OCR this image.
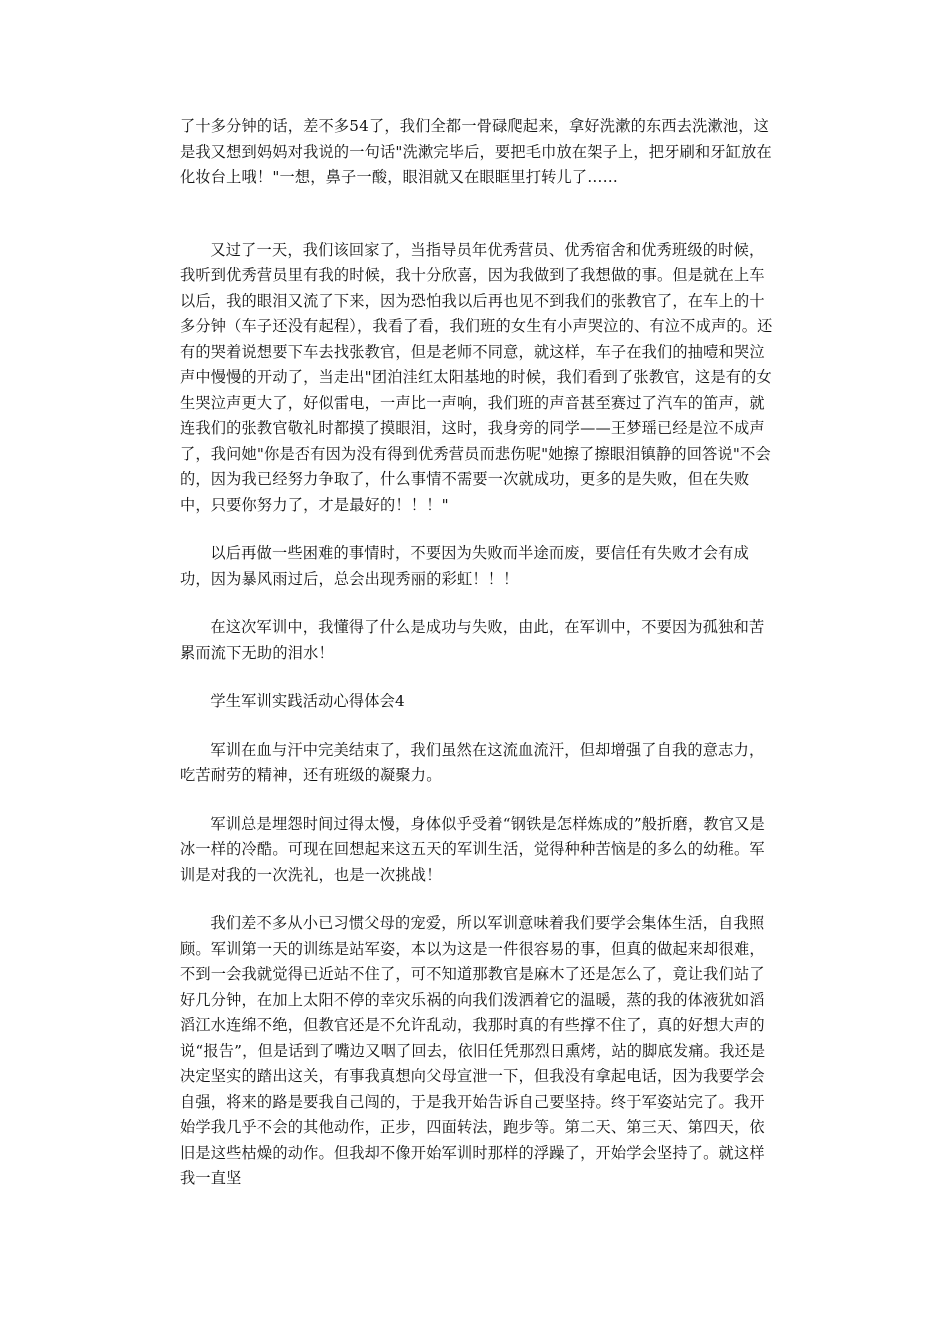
了十多分钟的话，差不多54了，我们全都一骨碌爬起来，拿好洗漱的东西去洗漱池，这是我又想到妈妈对我说的一句话"洗漱完毕后，要把毛巾放在架子上，把牙刷和牙缸放在化妆台上哦！"一想，鼻子一酸，眼泪就又在眼眶里打转儿了……

又过了一天，我们该回家了，当指导员年优秀营员、优秀宿舍和优秀班级的时候，我听到优秀营员里有我的时候，我十分欣喜，因为我做到了我想做的事。但是就在上车以后，我的眼泪又流了下来，因为恐怕我以后再也见不到我们的张教官了，在车上的十多分钟（车子还没有起程），我看了看，我们班的女生有小声哭泣的、有泣不成声的。还有的哭着说想要下车去找张教官，但是老师不同意，就这样，车子在我们的抽噎和哭泣声中慢慢的开动了，当走出"团泊洼红太阳基地的时候，我们看到了张教官，这是有的女生哭泣声更大了，好似雷电，一声比一声响，我们班的声音甚至赛过了汽车的笛声，就连我们的张教官敬礼时都摸了摸眼泪，这时，我身旁的同学——王梦瑶已经是泣不成声了，我问她"你是否有因为没有得到优秀营员而悲伤呢"她擦了擦眼泪镇静的回答说"不会的，因为我已经努力争取了，什么事情不需要一次就成功，更多的是失败，但在失败中，只要你努力了，才是最好的！！！"

以后再做一些困难的事情时，不要因为失败而半途而废，要信任有失败才会有成功，因为暴风雨过后，总会出现秀丽的彩虹！！！

在这次军训中，我懂得了什么是成功与失败，由此，在军训中，不要因为孤独和苦累而流下无助的泪水！

学生军训实践活动心得体会4

军训在血与汗中完美结束了，我们虽然在这流血流汗，但却增强了自我的意志力，吃苦耐劳的精神，还有班级的凝聚力。

军训总是埋怨时间过得太慢，身体似乎受着“钢铁是怎样炼成的”般折磨，教官又是冰一样的冷酷。可现在回想起来这五天的军训生活，觉得种种苦恼是的多么的幼稚。军训是对我的一次洗礼，也是一次挑战！

我们差不多从小已习惯父母的宠爱，所以军训意味着我们要学会集体生活，自我照顾。军训第一天的训练是站军姿，本以为这是一件很容易的事，但真的做起来却很难，不到一会我就觉得已近站不住了，可不知道那教官是麻木了还是怎么了，竟让我们站了好几分钟，在加上太阳不停的幸灾乐祸的向我们泼洒着它的温暖，蒸的我的体液犹如滔滔江水连绵不绝，但教官还是不允许乱动，我那时真的有些撑不住了，真的好想大声的说“报告”，但是话到了嘴边又咽了回去，依旧任凭那烈日熏烤，站的脚底发痛。我还是决定坚实的踏出这关，有事我真想向父母宣泄一下，但我没有拿起电话，因为我要学会自强，将来的路是要我自己闯的，于是我开始告诉自己要坚持。终于军姿站完了。我开始学我几乎不会的其他动作，正步，四面转法，跑步等。第二天、第三天、第四天，依旧是这些枯燥的动作。但我却不像开始军训时那样的浮躁了，开始学会坚持了。就这样我一直坚
